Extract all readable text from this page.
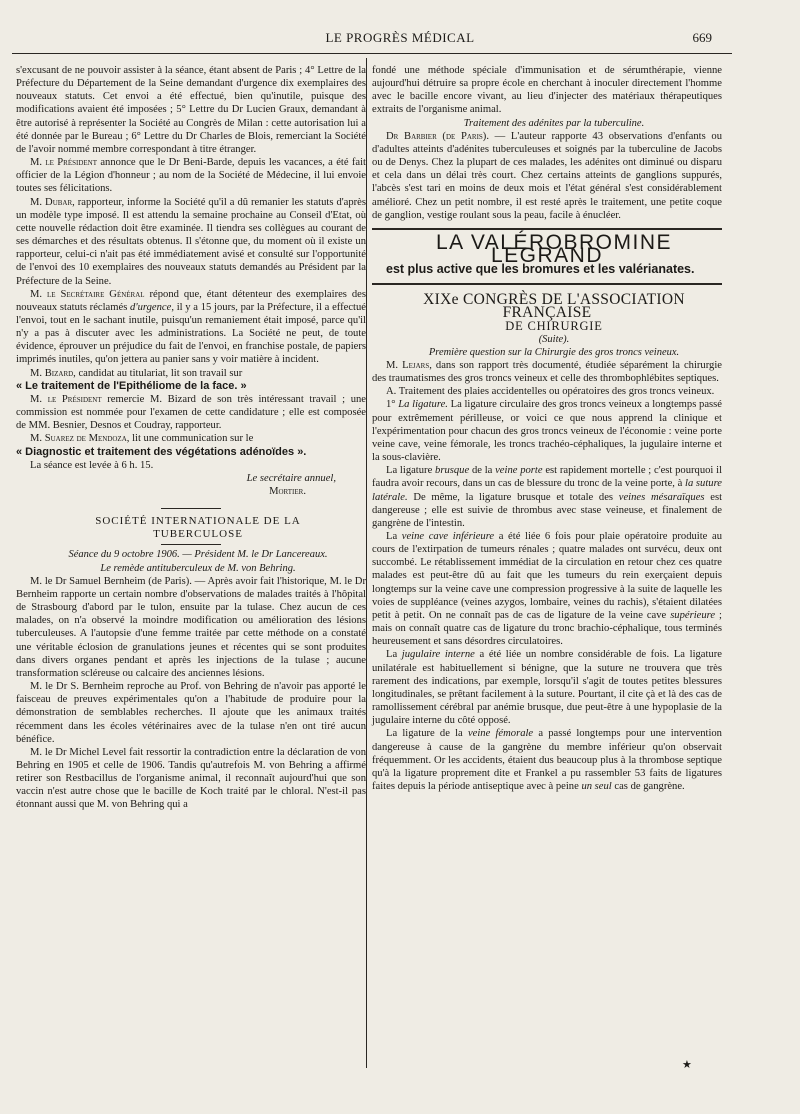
LE PROGRÈS MÉDICAL	669

s'excusant de ne pouvoir assister à la séance, étant absent de Paris ; 4° Lettre de la Préfecture du Département de la Seine demandant d'urgence dix exemplaires des nouveaux statuts. Cet envoi a été effectué, bien qu'inutile, puisque des modifications avaient été imposées ; 5° Lettre du Dr Lucien Graux, demandant à être autorisé à représenter la Société au Congrès de Milan : cette autorisation lui a été donnée par le Bureau ; 6° Lettre du Dr Charles de Blois, remerciant la Société de l'avoir nommé membre correspondant à titre étranger.

M. le Président annonce que le Dr Beni-Barde, depuis les vacances, a été fait officier de la Légion d'honneur ; au nom de la Société de Médecine, il lui envoie toutes ses félicitations.

M. Dubar, rapporteur, informe la Société qu'il a dû remanier les statuts d'après un modèle type imposé. Il est attendu la semaine prochaine au Conseil d'Etat, où cette nouvelle rédaction doit être examinée. Il tiendra ses collègues au courant de ses démarches et des résultats obtenus. Il s'étonne que, du moment où il existe un rapporteur, celui-ci n'ait pas été immédiatement avisé et consulté sur l'opportunité de l'envoi des 10 exemplaires des nouveaux statuts demandés au Président par la Préfecture de la Seine.

M. le Secrétaire Général répond que, étant détenteur des exemplaires des nouveaux statuts réclamés d'urgence, il y a 15 jours, par la Préfecture, il a effectué l'envoi, tout en le sachant inutile, puisqu'un remaniement était imposé, parce qu'il n'y a pas à discuter avec les administrations. La Société ne peut, de toute évidence, éprouver un préjudice du fait de l'envoi, en franchise postale, de papiers imprimés inutiles, qu'on jettera au panier sans y voir matière à incident.

M. Bizard, candidat au titulariat, lit son travail sur
« Le traitement de l'Epithéliome de la face. »

M. le Président remercie M. Bizard de son très intéressant travail ; une commission est nommée pour l'examen de cette candidature ; elle est composée de MM. Besnier, Desnos et Coudray, rapporteur.

M. Suarez de Mendoza, lit une communication sur le
« Diagnostic et traitement des végétations adénoïdes ».

La séance est levée à 6 h. 15.

Le secrétaire annuel,

Mortier.

SOCIÉTÉ INTERNATIONALE DE LA

TUBERCULOSE

Séance du 9 octobre 1906. — Président M. le Dr Lancereaux.

Le remède antituberculeux de M. von Behring.

M. le Dr Samuel Bernheim (de Paris). — Après avoir fait l'historique, M. le Dr Bernheim rapporte un certain nombre d'observations de malades traités à l'hôpital de Strasbourg d'abord par le tulon, ensuite par la tulase. Chez aucun de ces malades, on n'a observé la moindre modification ou amélioration des lésions tuberculeuses. A l'autopsie d'une femme traitée par cette méthode on a constaté une véritable éclosion de granulations jeunes et récentes qui se sont produites dans divers organes pendant et après les injections de la tulase ; aucune transformation scléreuse ou calcaire des anciennes lésions.

M. le Dr S. Bernheim reproche au Prof. von Behring de n'avoir pas apporté le faisceau de preuves expérimentales qu'on a l'habitude de produire pour la démonstration de semblables recherches. Il ajoute que les animaux traités récemment dans les écoles vétérinaires avec de la tulase n'en ont tiré aucun bénéfice.

M. le Dr Michel Level fait ressortir la contradiction entre la déclaration de von Behring en 1905 et celle de 1906. Tandis qu'autrefois M. von Behring a affirmé retirer son Restbacillus de l'organisme animal, il reconnaît aujourd'hui que son vaccin n'est autre chose que le bacille de Koch traité par le chloral. N'est-il pas étonnant aussi que M. von Behring qui a

fondé une méthode spéciale d'immunisation et de sérumthérapie, vienne aujourd'hui détruire sa propre école en cherchant à inoculer directement l'homme avec le bacille encore vivant, au lieu d'injecter des matériaux thérapeutiques extraits de l'organisme animal.

Traitement des adénites par la tuberculine.

Dr Barbier (de Paris). — L'auteur rapporte 43 observations d'enfants ou d'adultes atteints d'adénites tuberculeuses et soignés par la tuberculine de Jacobs ou de Denys. Chez la plupart de ces malades, les adénites ont diminué ou disparu et cela dans un délai très court. Chez certains atteints de ganglions suppurés, l'abcès s'est tari en moins de deux mois et l'état général s'est considérablement amélioré. Chez un petit nombre, il est resté après le traitement, une petite coque de ganglion, vestige roulant sous la peau, facile à énucléer.

LA VALÉROBROMINE LEGRAND

est plus active que les bromures et les valérianates.

XIXe CONGRÈS DE L'ASSOCIATION FRANÇAISE

DE CHIRURGIE

(Suite).

Première question sur la Chirurgie des gros troncs veineux.

M. Lejars, dans son rapport très documenté, étudiée séparément la chirurgie des traumatismes des gros troncs veineux et celle des thrombophlébites septiques.

A. Traitement des plaies accidentelles ou opératoires des gros troncs veineux.

1° La ligature. La ligature circulaire des gros troncs veineux a longtemps passé pour extrêmement périlleuse, or voici ce que nous apprend la clinique et l'expérimentation pour chacun des gros troncs veineux de l'économie : veine porte veine cave, veine fémorale, les troncs trachéo-céphaliques, la jugulaire interne et la sous-clavière.

La ligature brusque de la veine porte est rapidement mortelle ; c'est pourquoi il faudra avoir recours, dans un cas de blessure du tronc de la veine porte, à la suture latérale. De même, la ligature brusque et totale des veines mésaraïques est dangereuse ; elle est suivie de thrombus avec stase veineuse, et finalement de gangrène de l'intestin.

La veine cave inférieure a été liée 6 fois pour plaie opératoire produite au cours de l'extirpation de tumeurs rénales ; quatre malades ont survécu, deux ont succombé. Le rétablissement immédiat de la circulation en retour chez ces quatre malades est peut-être dû au fait que les tumeurs du rein exerçaient depuis longtemps sur la veine cave une compression progressive à la suite de laquelle les voies de suppléance (veines azygos, lombaire, veines du rachis), s'étaient dilatées petit à petit. On ne connaît pas de cas de ligature de la veine cave supérieure ; mais on connaît quatre cas de ligature du tronc brachio-céphalique, tous terminés heureusement et sans désordres circulatoires.

La jugulaire interne a été liée un nombre considérable de fois. La ligature unilatérale est habituellement si bénigne, que la suture ne trouvera que très rarement des indications, par exemple, lorsqu'il s'agit de toutes petites blessures longitudinales, se prêtant facilement à la suture. Pourtant, il cite çà et là des cas de ramollissement cérébral par anémie brusque, due peut-être à une hypoplasie de la jugulaire interne du côté opposé.

La ligature de la veine fémorale a passé longtemps pour une intervention dangereuse à cause de la gangrène du membre inférieur qu'on observait fréquemment. Or les accidents, étaient dus beaucoup plus à la thrombose septique qu'à la ligature proprement dite et Frankel a pu rassembler 53 faits de ligatures faites depuis la période antiseptique avec à peine un seul cas de gangrène.

★
